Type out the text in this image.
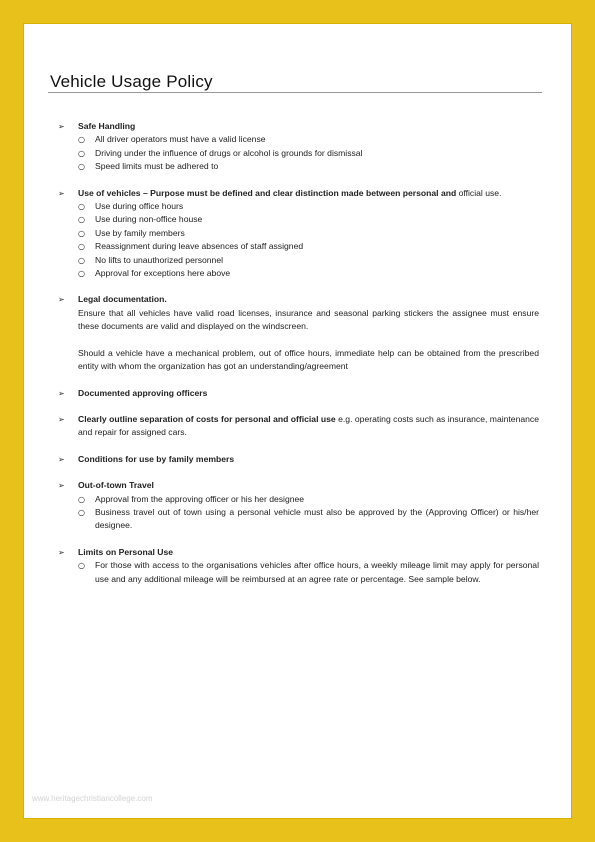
Vehicle Usage Policy
➢ Safe Handling
○ All driver operators must have a valid license
○ Driving under the influence of drugs or alcohol is grounds for dismissal
○ Speed limits must be adhered to
➢ Use of vehicles – Purpose must be defined and clear distinction made between personal and official use.
○ Use during office hours
○ Use during non-office house
○ Use by family members
○ Reassignment during leave absences of staff assigned
○ No lifts to unauthorized personnel
○ Approval for exceptions here above
➢ Legal documentation.
Ensure that all vehicles have valid road licenses, insurance and seasonal parking stickers the assignee must ensure these documents are valid and displayed on the windscreen.
Should a vehicle have a mechanical problem, out of office hours, immediate help can be obtained from the prescribed entity with whom the organization has got an understanding/agreement
➢ Documented approving officers
➢ Clearly outline separation of costs for personal and official use e.g. operating costs such as insurance, maintenance and repair for assigned cars.
➢ Conditions for use by family members
➢ Out-of-town Travel
○ Approval from the approving officer or his her designee
○ Business travel out of town using a personal vehicle must also be approved by the (Approving Officer) or his/her designee.
➢ Limits on Personal Use
○ For those with access to the organisations vehicles after office hours, a weekly mileage limit may apply for personal use and any additional mileage will be reimbursed at an agree rate or percentage. See sample below.
www.heritagechristiancollege.com
